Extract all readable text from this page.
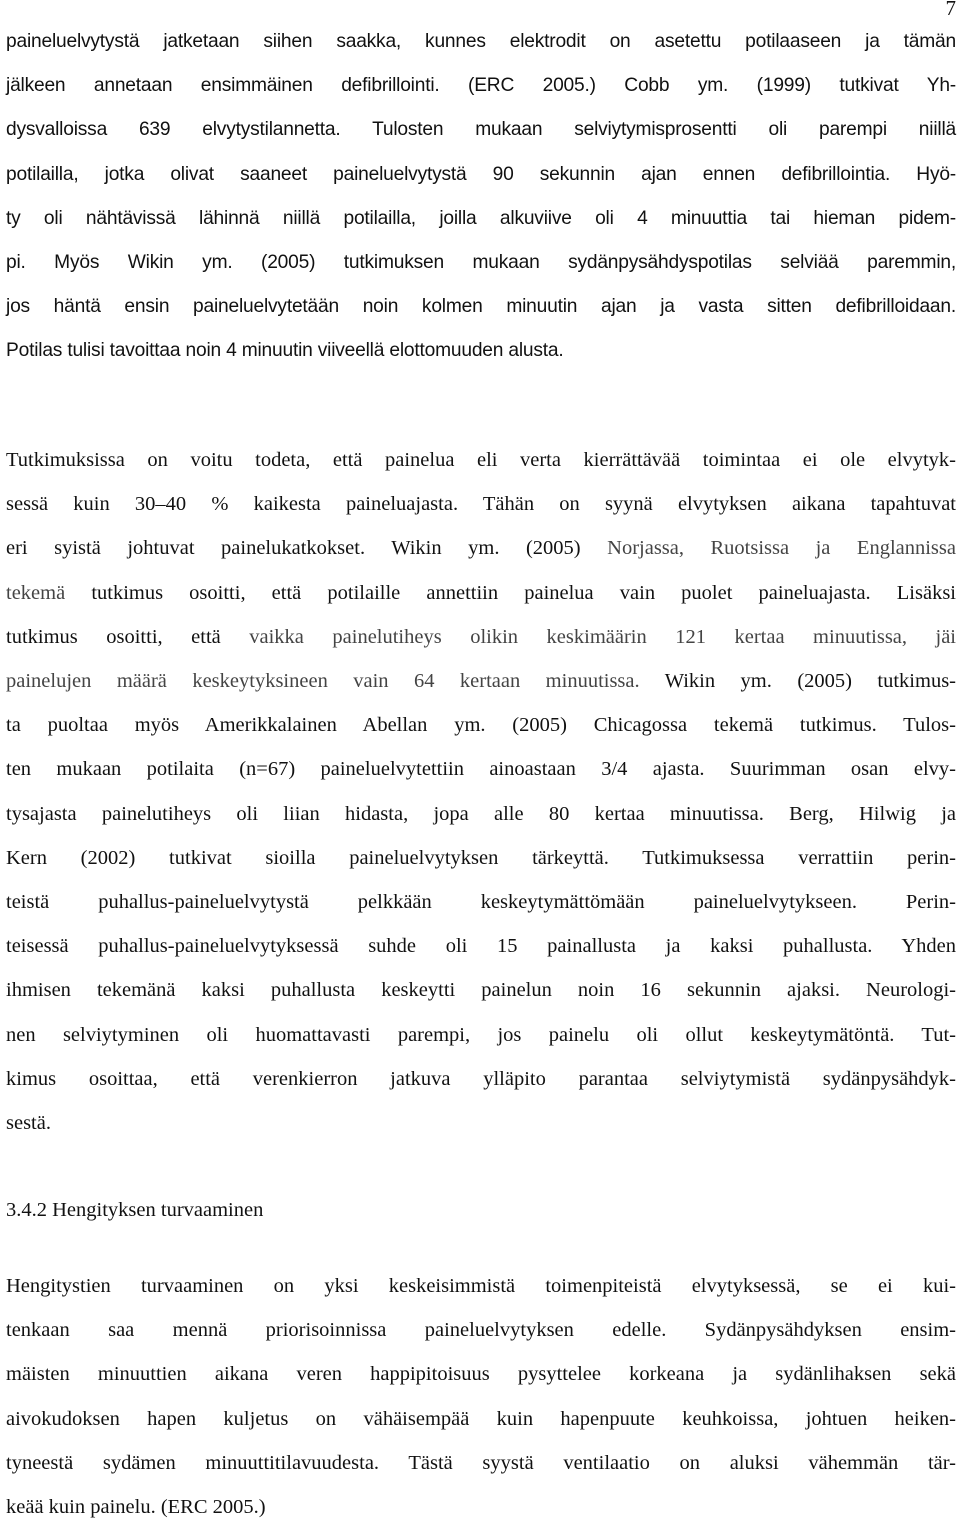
7
paineluelvytystä jatketaan siihen saakka, kunnes elektrodit on asetettu potilaaseen ja tämän
jälkeen annetaan ensimmäinen defibrillointi. (ERC 2005.) Cobb ym. (1999) tutkivat Yh-
dysvalloissa 639 elvytystilannetta. Tulosten mukaan selviytymisprosentti oli parempi niillä
potilailla, jotka olivat saaneet paineluelvytystä 90 sekunnin ajan ennen defibrillointia. Hyö-
ty oli nähtävissä lähinnä niillä potilailla, joilla alkuviive oli 4 minuuttia tai hieman pidem-
pi. Myös Wikin ym. (2005) tutkimuksen mukaan sydänpysähdyspotilas selviää paremmin,
jos häntä ensin paineluelvytetään noin kolmen minuutin ajan ja vasta sitten defibrilloidaan.
Potilas tulisi tavoittaa noin 4 minuutin viiveellä elottomuuden alusta.
Tutkimuksissa on voitu todeta, että painelua eli verta kierrättävää toimintaa ei ole elvytyk-
sessä kuin 30–40 % kaikesta paineluajasta. Tähän on syynä elvytyksen aikana tapahtuvat
eri syistä johtuvat painelukatkokset. Wikin ym. (2005) Norjassa, Ruotsissa ja Englannissa
tekemä tutkimus osoitti, että potilaille annettiin painelua vain puolet paineluajasta. Lisäksi
tutkimus osoitti, että vaikka painelutiheys olikin keskimäärin 121 kertaa minuutissa, jäi
painelujen määrä keskeytyksineen vain 64 kertaan minuutissa. Wikin ym. (2005) tutkimus-
ta puoltaa myös Amerikkalainen Abellan ym. (2005) Chicagossa tekemä tutkimus. Tulos-
ten mukaan potilaita (n=67) paineluelvytettiin ainoastaan 3/4 ajasta. Suurimman osan elvy-
tysajasta painelutiheys oli liian hidasta, jopa alle 80 kertaa minuutissa. Berg, Hilwig ja
Kern (2002) tutkivat sioilla paineluelvytyksen tärkeyttä. Tutkimuksessa verrattiin perin-
teistä puhallus-paineluelvytystä pelkkään keskeytymättömään paineluelvytykseen. Perin-
teisessä puhallus-paineluelvytyksessä suhde oli 15 painallusta ja kaksi puhallusta. Yhden
ihmisen tekemänä kaksi puhallusta keskeytti painelun noin 16 sekunnin ajaksi. Neurologi-
nen selviytyminen oli huomattavasti parempi, jos painelu oli ollut keskeytymätöntä. Tut-
kimus osoittaa, että verenkierron jatkuva ylläpito parantaa selviytymistä sydänpysähdyk-
sestä.
3.4.2 Hengityksen turvaaminen
Hengitystien turvaaminen on yksi keskeisimmistä toimenpiteistä elvytyksessä, se ei kui-
tenkaan saa mennä priorisoinnissa paineluelvytyksen edelle. Sydänpysähdyksen ensim-
mäisten minuuttien aikana veren happipitoisuus pysyttelee korkeana ja sydänlihaksen sekä
aivokudoksen hapen kuljetus on vähäisempää kuin hapenpuute keuhkoissa, johtuen heiken-
tyneestä sydämen minuuttitilavuudesta. Tästä syystä ventilaatio on aluksi vähemmän tär-
keää kuin painelu. (ERC 2005.)
